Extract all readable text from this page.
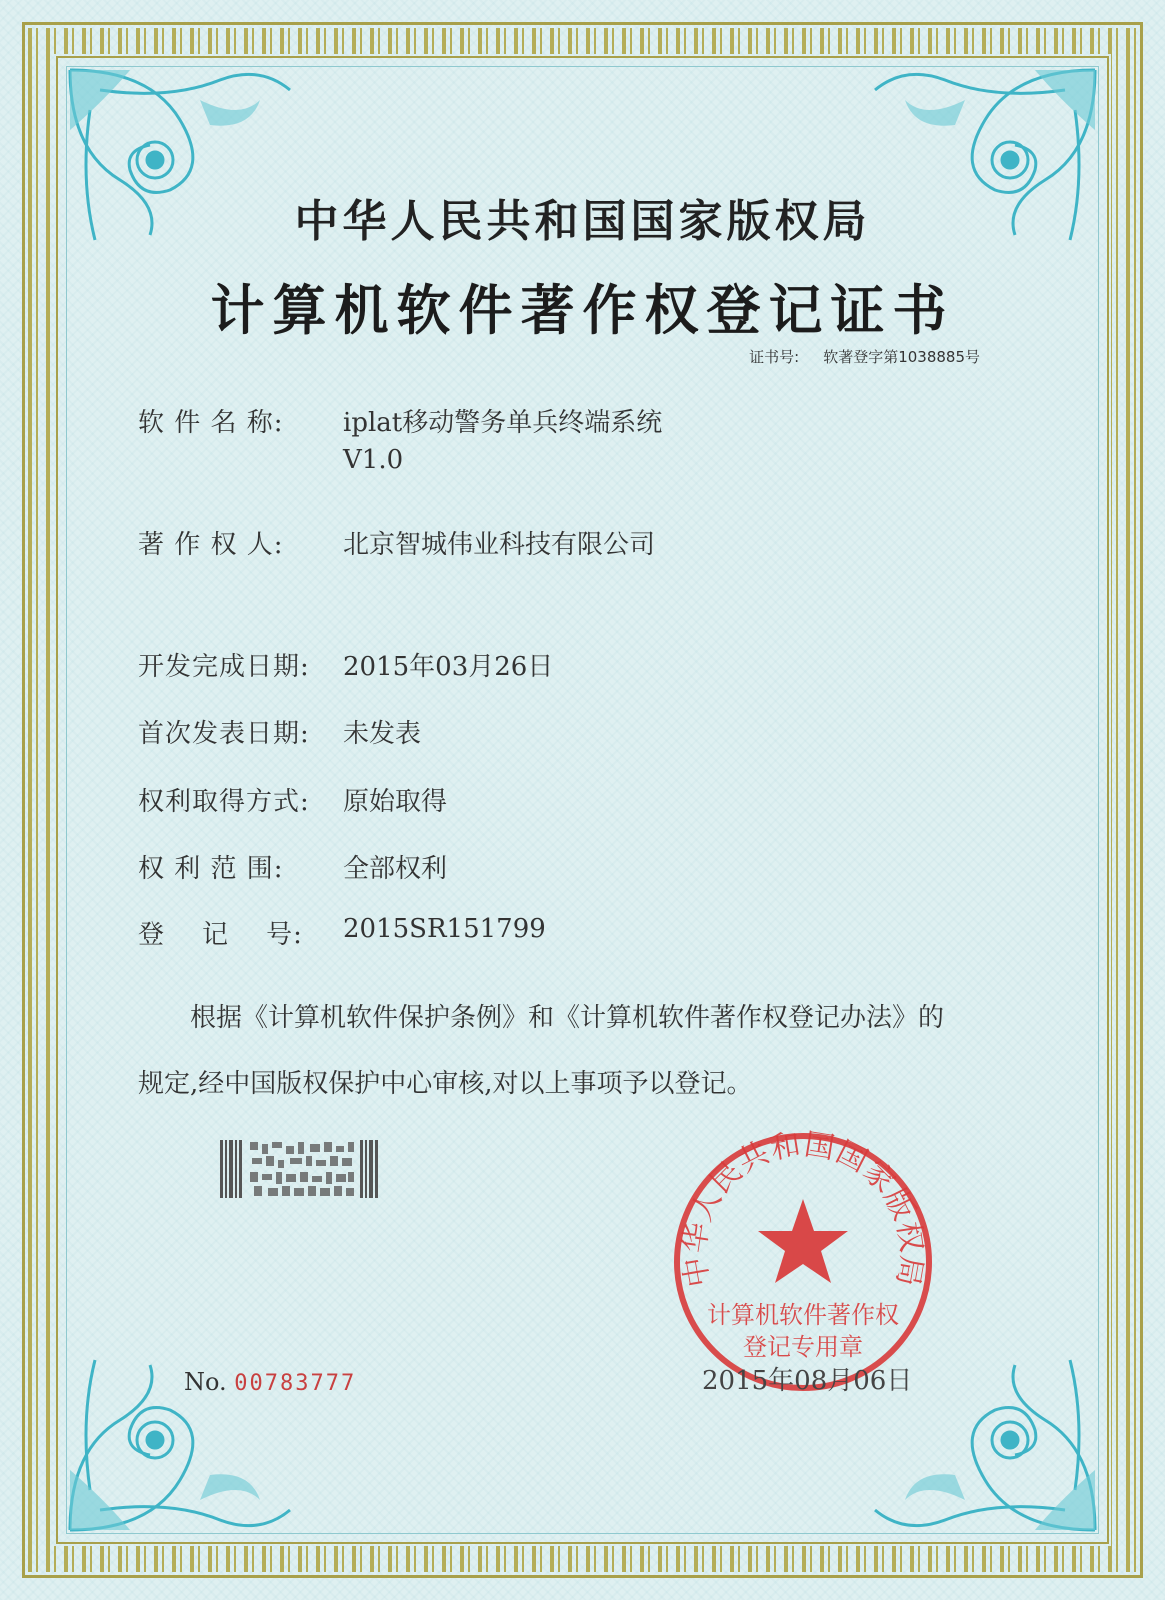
中华人民共和国国家版权局
计算机软件著作权登记证书
证书号: 软著登字第1038885号
软 件 名 称: iplat移动警务单兵终端系统
V1.0
著 作 权 人: 北京智城伟业科技有限公司
开发完成日期: 2015年03月26日
首次发表日期: 未发表
权利取得方式: 原始取得
权 利 范 围: 全部权利
登    记    号: 2015SR151799
根据《计算机软件保护条例》和《计算机软件著作权登记办法》的
规定,经中国版权保护中心审核,对以上事项予以登记。
No. 00783777
中华人民共和国国家版权局
计算机软件著作权
登记专用章
2015年08月06日
